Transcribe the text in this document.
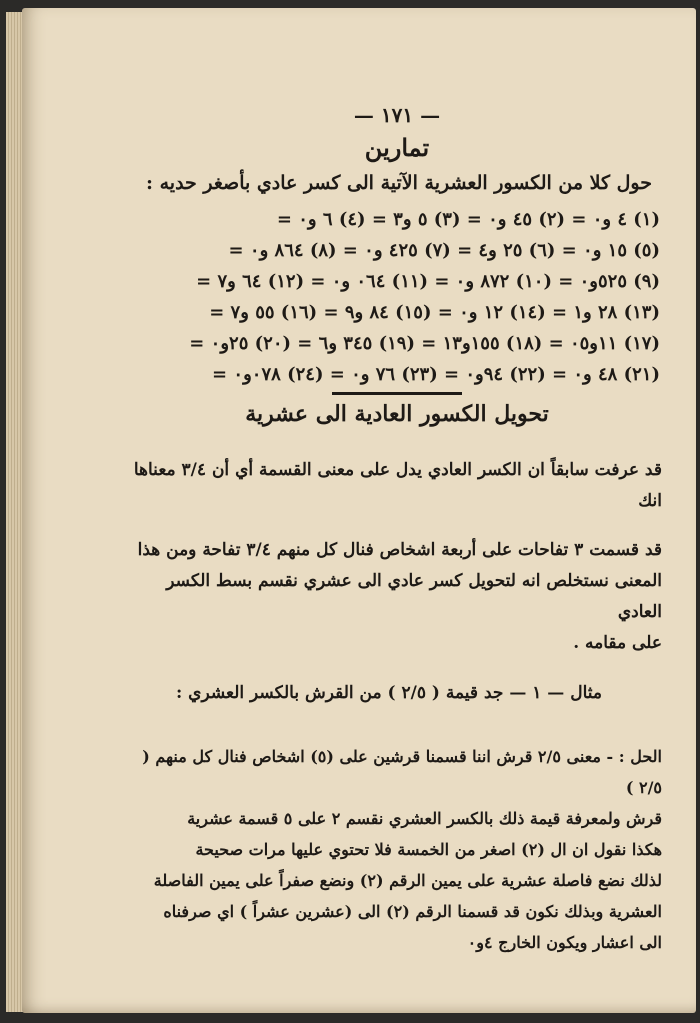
— ١٧١ —
تمارين
حول كلا من الكسور العشرية الآتية الى كسر عادي بأصغر حديه :
(١) ٤ و٠ = (٢) ٤٥ و٠ = (٣) ٥ و٣ = (٤) ٦ و٠ =
(٥) ١٥ و٠ = (٦) ٢٥ و٤ = (٧) ٤٢٥ و٠ = (٨) ٨٦٤ و٠ =
(٩) ٥٢٥و٠ = (١٠) ٨٧٢ و٠ = (١١) ٠٦٤ و٠ = (١٢) ٦٤ و٧ =
(١٣) ٢٨ و١ = (١٤) ١٢ و٠ = (١٥) ٨٤ و٩ = (١٦) ٥٥ و٧ =
(١٧) ١١و٠٥ = (١٨) ١٥٥و١٣ = (١٩) ٣٤٥ و٦ = (٢٠) ٢٥و٠ =
(٢١) ٤٨ و٠ = (٢٢) ٩٤و٠ = (٢٣) ٧٦ و٠ = (٢٤) ٠٧٨و٠ =
تحويل الكسور العادية الى عشرية

قد عرفت سابقاً ان الكسر العادي يدل على معنى القسمة أي أن ٣/٤ معناها انك

قد قسمت ٣ تفاحات على أربعة اشخاص فنال كل منهم ٣/٤ تفاحة ومن هذا

المعنى نستخلص انه لتحويل كسر عادي الى عشري نقسم بسط الكسر العادي

على مقامه .

مثال — ١ — جد قيمة ( ٢/٥ ) من القرش بالكسر العشري :

الحل : - معنى ٢/٥ قرش اننا قسمنا قرشين على (٥) اشخاص فنال كل منهم ( ٢/٥ )

قرش ولمعرفة قيمة ذلك بالكسر العشري نقسم ٢ على ٥ قسمة عشرية

هكذا نقول ان ال (٢) اصغر من الخمسة فلا تحتوي عليها مرات صحيحة

لذلك نضع فاصلة عشرية على يمين الرقم (٢) ونضع صفراً على يمين الفاصلة

العشرية وبذلك نكون قد قسمنا الرقم (٢) الى (عشرين عشراً ) اي صرفناه

الى اعشار ويكون الخارج ٤و٠
